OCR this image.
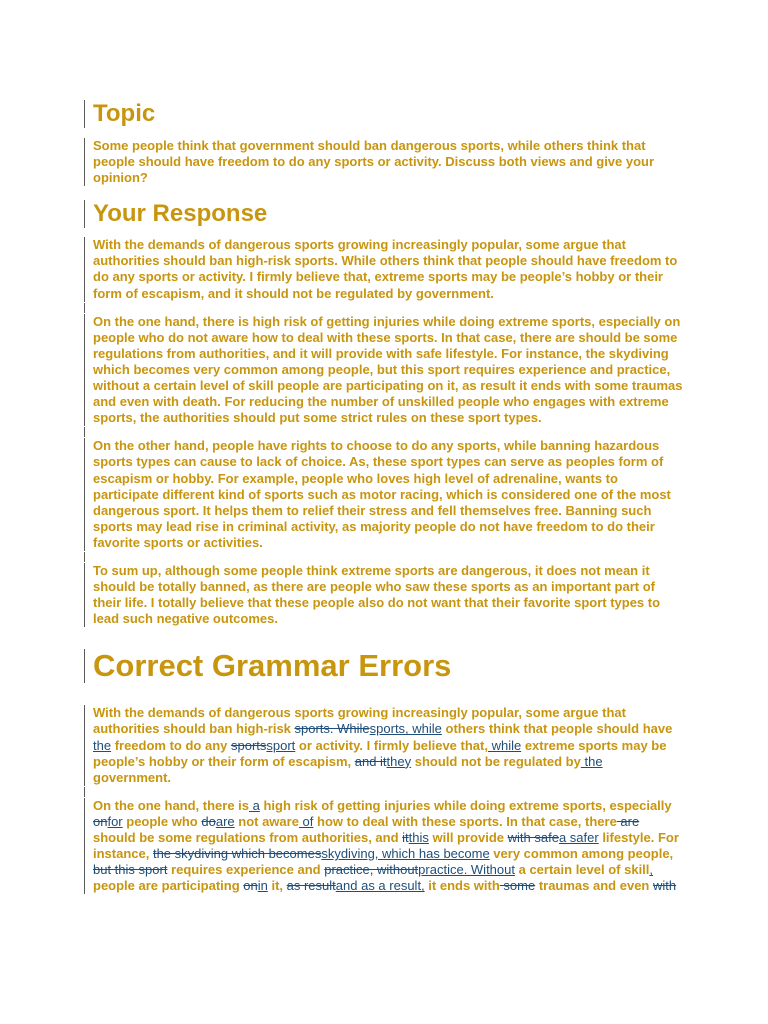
Topic

Some people think that government should ban dangerous sports, while others think that people should have freedom to do any sports or activity. Discuss both views and give your opinion?

Your Response

With the demands of dangerous sports growing increasingly popular, some argue that authorities should ban high-risk sports. While others think that people should have freedom to do any sports or activity. I firmly believe that, extreme sports may be people’s hobby or their form of escapism, and it should not be regulated by government.

On the one hand, there is high risk of getting injuries while doing extreme sports, especially on people who do not aware how to deal with these sports. In that case, there are should be some regulations from authorities, and it will provide with safe lifestyle. For instance, the skydiving which becomes very common among people, but this sport requires experience and practice, without a certain level of skill people are participating on it, as result it ends with some traumas and even with death. For reducing the number of unskilled people who engages with extreme sports, the authorities should put some strict rules on these sport types.

On the other hand, people have rights to choose to do any sports, while banning hazardous sports types can cause to lack of choice. As, these sport types can serve as peoples form of escapism or hobby. For example, people who loves high level of adrenaline, wants to participate different kind of sports such as motor racing, which is considered one of the most dangerous sport. It helps them to relief their stress and fell themselves free. Banning such sports may lead rise in criminal activity, as majority people do not have freedom to do their favorite sports or activities.

To sum up, although some people think extreme sports are dangerous, it does not mean it should be totally banned, as there are people who saw these sports as an important part of their life. I totally believe that these people also do not want that their favorite sport types to lead such negative outcomes.

Correct Grammar Errors

With the demands of dangerous sports growing increasingly popular, some argue that authorities should ban high-risk sports. Whilesports, while others think that people should have the freedom to do any sportssport or activity. I firmly believe that, while extreme sports may be people’s hobby or their form of escapism, and itthey should not be regulated by the government.

On the one hand, there is a high risk of getting injuries while doing extreme sports, especially onfor people who doare not aware of how to deal with these sports. In that case, there are should be some regulations from authorities, and itthis will provide with safea safer lifestyle. For instance, the skydiving which becomesskydiving, which has become very common among people, but this sport requires experience and practice, withoutpractice. Without a certain level of skill, people are participating onin it, as resultand as a result, it ends with some traumas and even with
